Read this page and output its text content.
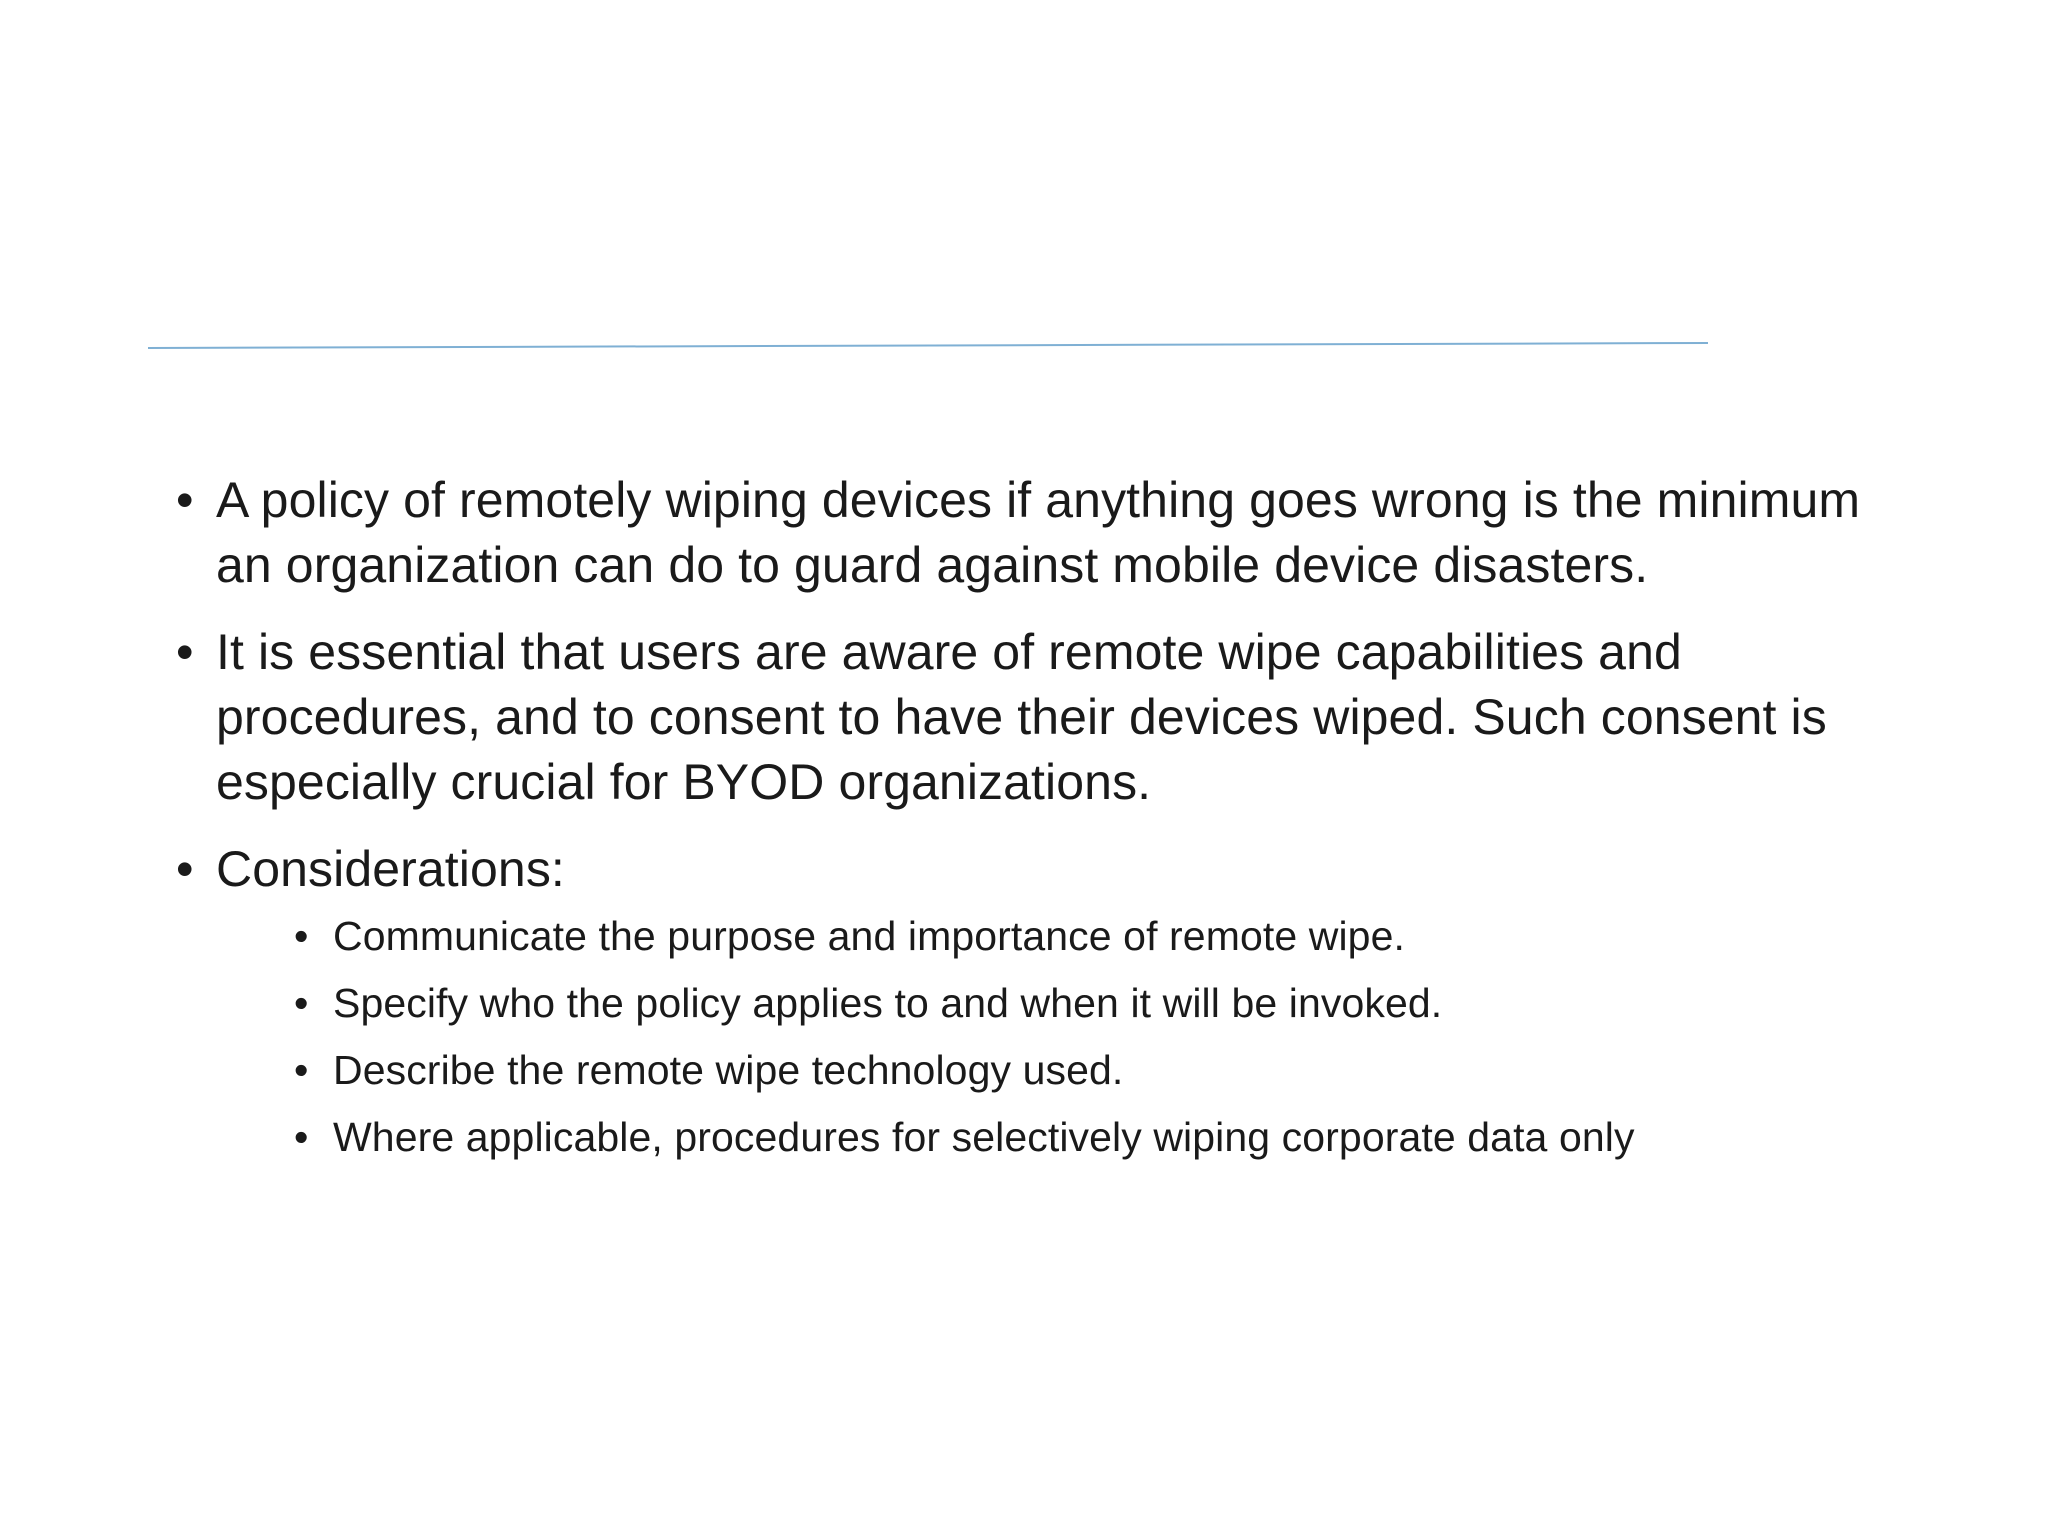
• A policy of remotely wiping devices if anything goes wrong is the minimum an organization can do to guard against mobile device disasters.
• It is essential that users are aware of remote wipe capabilities and procedures, and to consent to have their devices wiped. Such consent is especially crucial for BYOD organizations.
• Considerations:
• Communicate the purpose and importance of remote wipe.
• Specify who the policy applies to and when it will be invoked.
• Describe the remote wipe technology used.
• Where applicable, procedures for selectively wiping corporate data only
